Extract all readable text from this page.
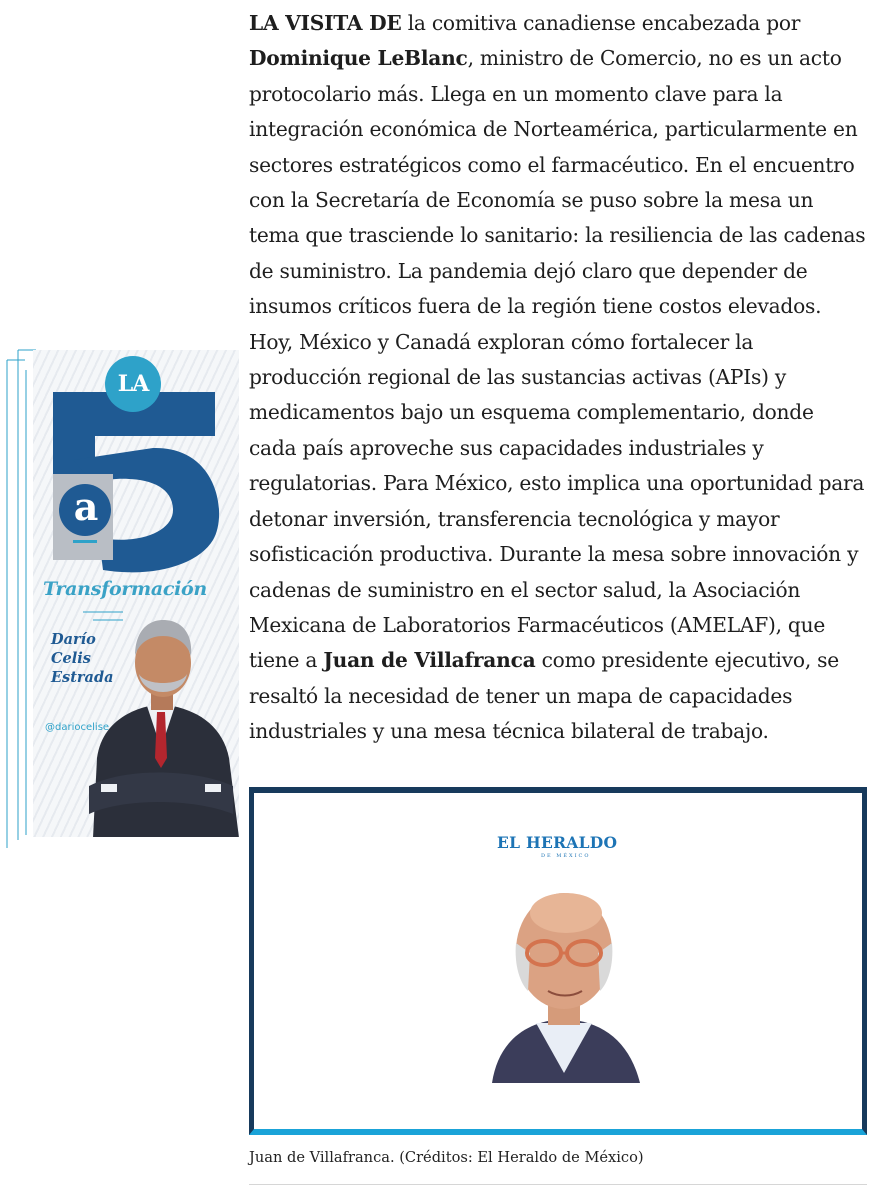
LA VISITA DE la comitiva canadiense encabezada por Dominique LeBlanc, ministro de Comercio, no es un acto protocolario más. Llega en un momento clave para la integración económica de Norteamérica, particularmente en sectores estratégicos como el farmacéutico. En el encuentro con la Secretaría de Economía se puso sobre la mesa un tema que trasciende lo sanitario: la resiliencia de las cadenas de suministro. La pandemia dejó claro que depender de insumos críticos fuera de la región tiene costos elevados. Hoy, México y Canadá exploran cómo fortalecer la producción regional de las sustancias activas (APIs) y medicamentos bajo un esquema complementario, donde cada país aproveche sus capacidades industriales y regulatorias. Para México, esto implica una oportunidad para detonar inversión, transferencia tecnológica y mayor sofisticación productiva. Durante la mesa sobre innovación y cadenas de suministro en el sector salud, la Asociación Mexicana de Laboratorios Farmacéuticos (AMELAF), que tiene a Juan de Villafranca como presidente ejecutivo, se resaltó la necesidad de tener un mapa de capacidades industriales y una mesa técnica bilateral de trabajo.

LA
a
Transformación
Darío
Celis
Estrada
@dariocelise
EL HERALDO
DE MÉXICO
Juan de Villafranca. (Créditos: El Heraldo de México)
